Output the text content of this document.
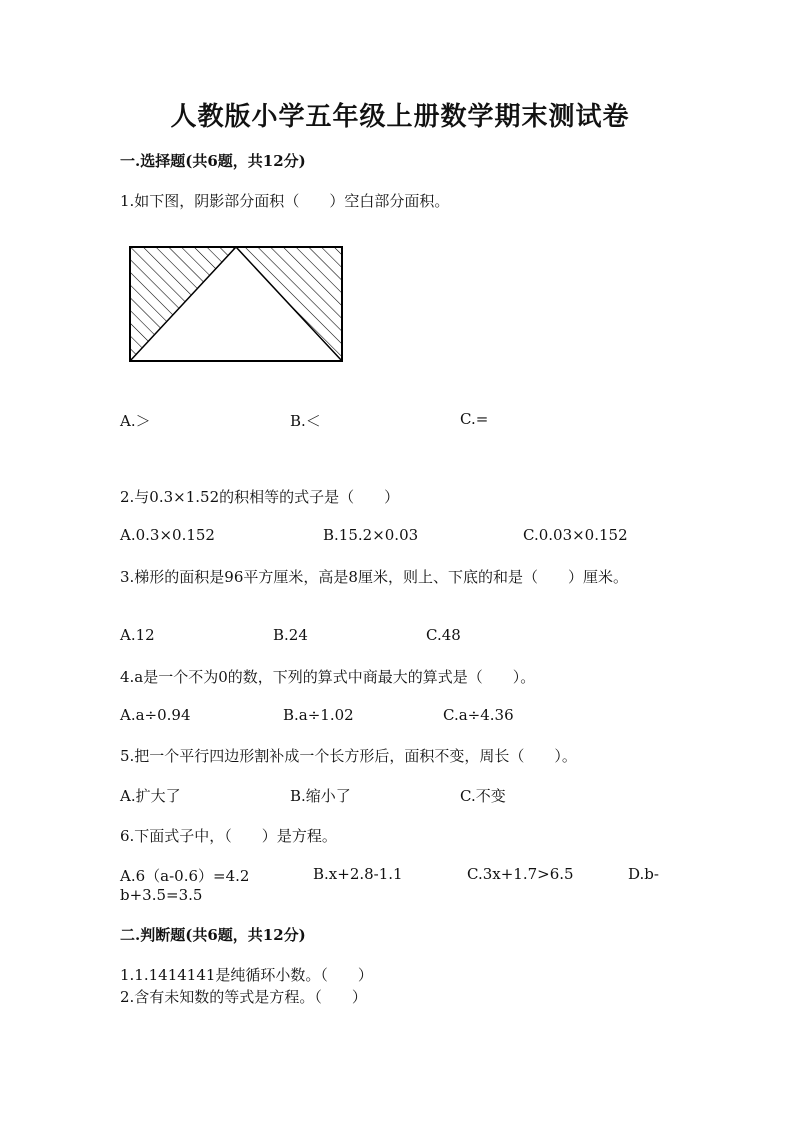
人教版小学五年级上册数学期末测试卷
一.选择题(共6题，共12分)
1.如下图，阴影部分面积（　　）空白部分面积。
A.＞	B.＜	C.=
2.与0.3×1.52的积相等的式子是（　　）
A.0.3×0.152	B.15.2×0.03	C.0.03×0.152
3.梯形的面积是96平方厘米，高是8厘米，则上、下底的和是（　　）厘米。
A.12	B.24	C.48
4.a是一个不为0的数，下列的算式中商最大的算式是（　　）。
A.a÷0.94	B.a÷1.02	C.a÷4.36
5.把一个平行四边形割补成一个长方形后，面积不变，周长（　　）。
A.扩大了	B.缩小了	C.不变
6.下面式子中，（　　）是方程。
A.6（a-0.6）=4.2	B.x+2.8-1.1	C.3x+1.7>6.5	D.b-
b+3.5=3.5
二.判断题(共6题，共12分)
1.1.1414141是纯循环小数。（　　）
2.含有未知数的等式是方程。（　　）
